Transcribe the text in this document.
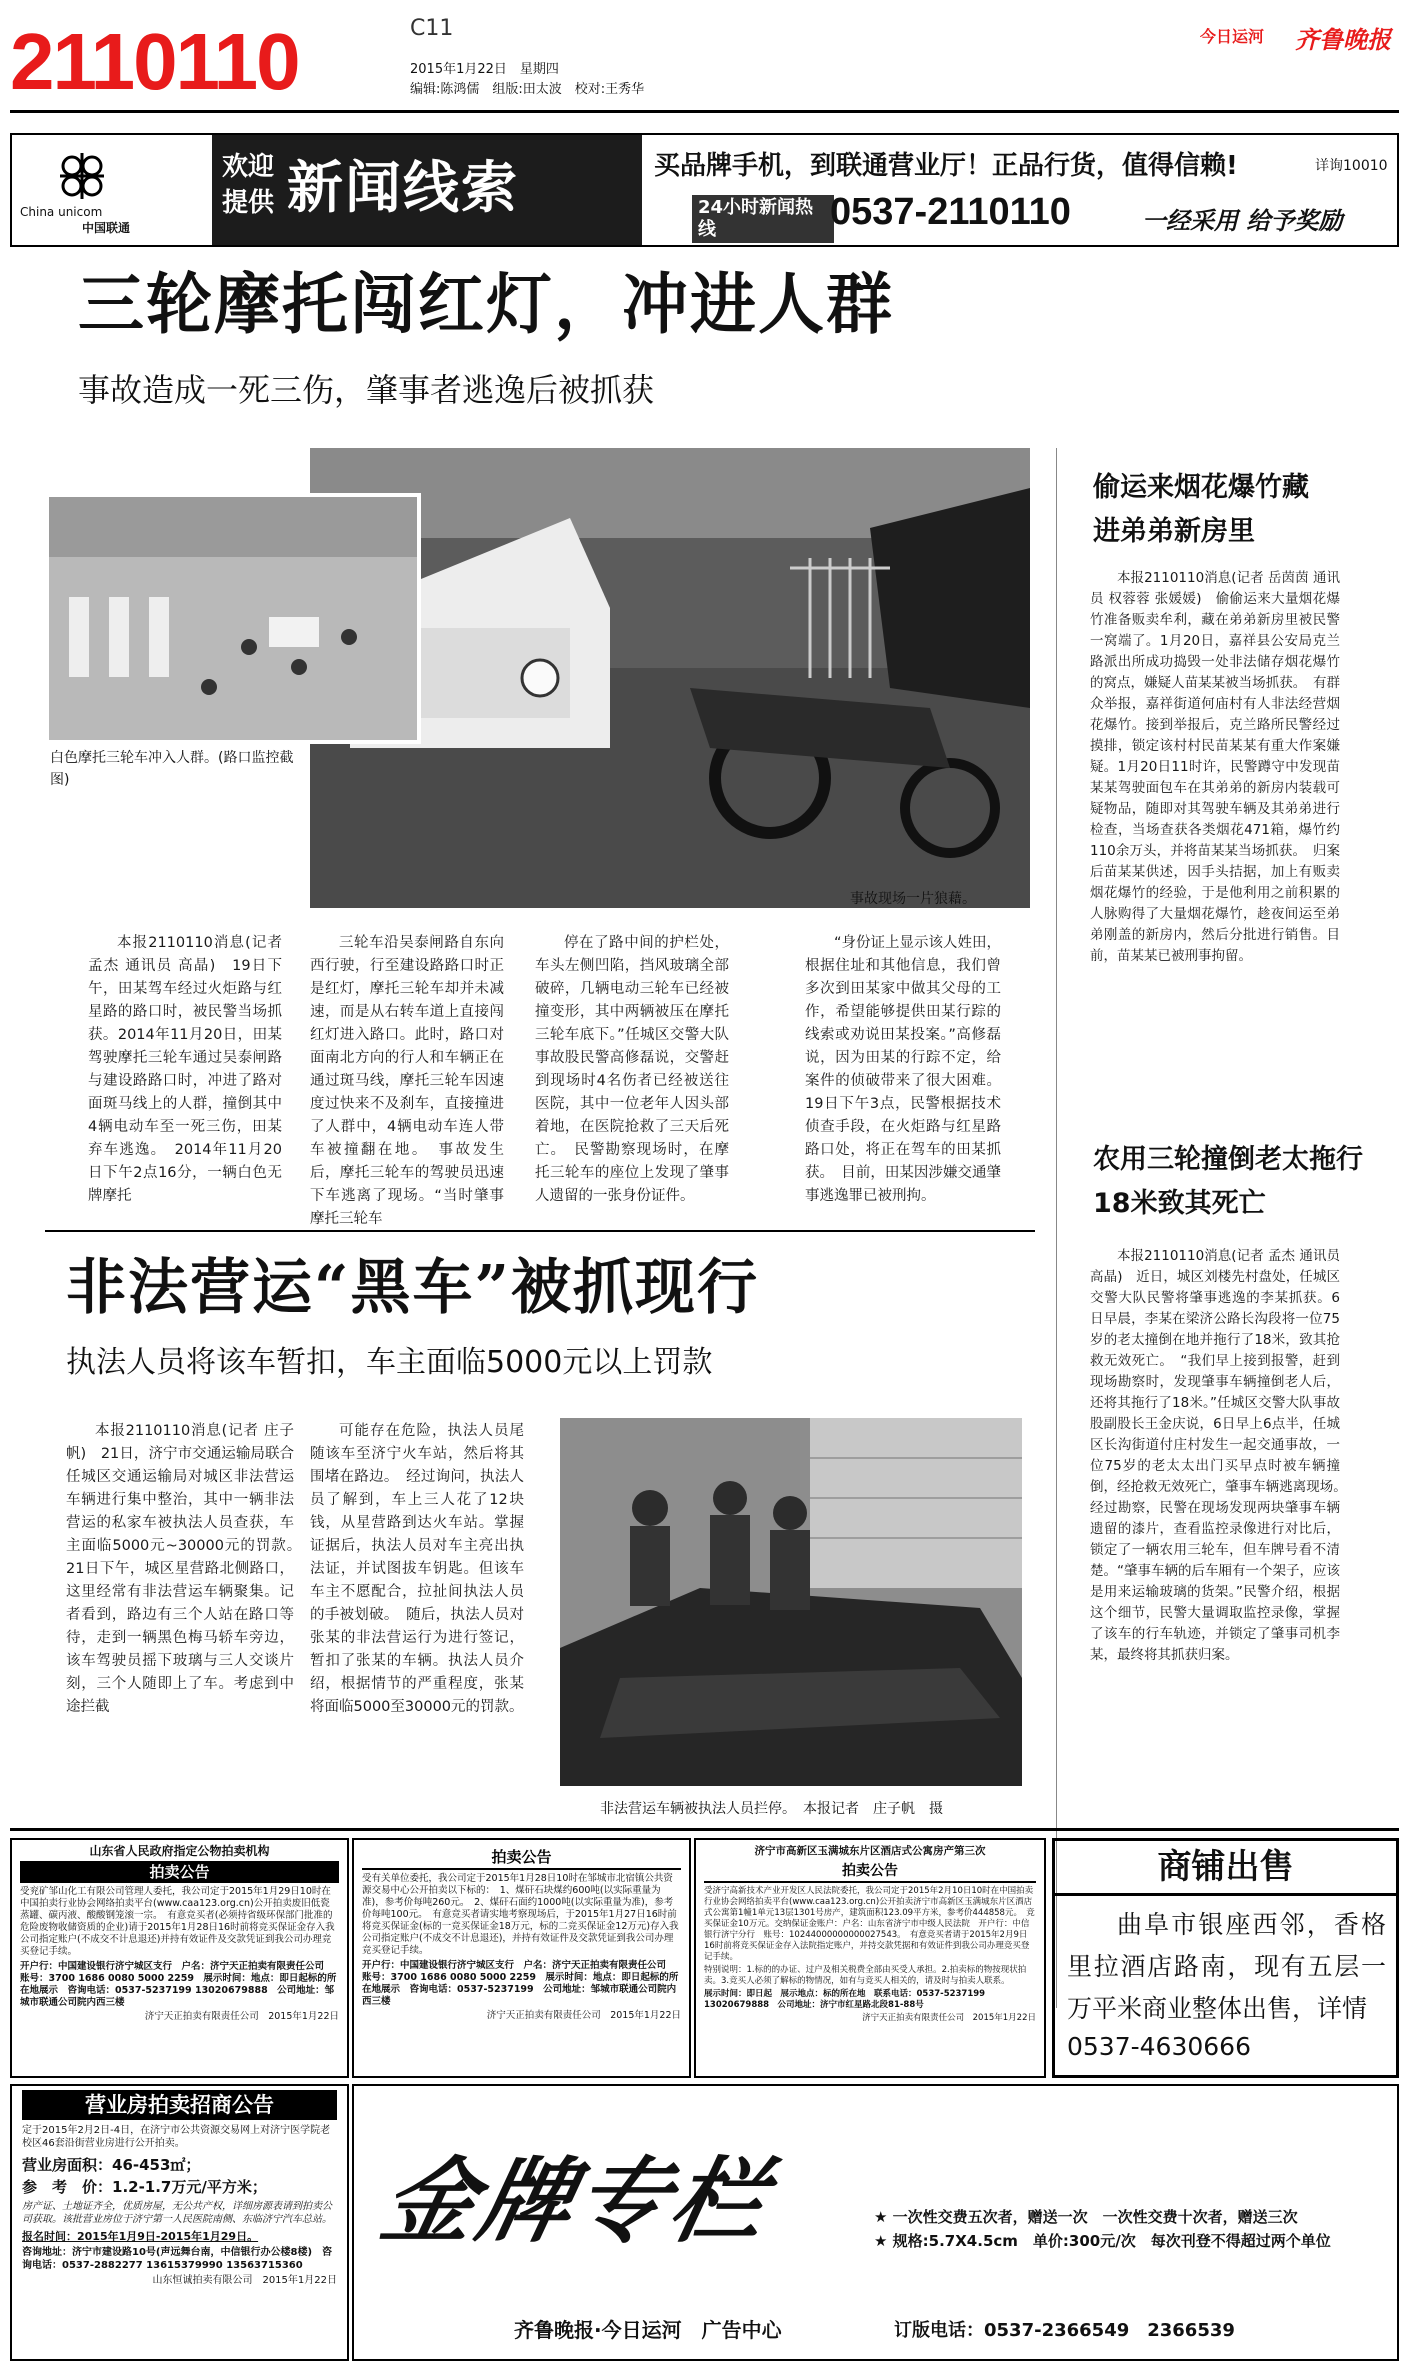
2110110	C11
2015年1月22日　星期四
编辑:陈鸿儒　组版:田太波　校对:王秀华
今日运河 齐鲁晚报
China unicom
中国联通
欢迎提供 新闻线索	买品牌手机，到联通营业厅！正品行货，值得信赖!	详询10010
24小时新闻热线	0537-2110110	一经采用 给予奖励
三轮摩托闯红灯，冲进人群
事故造成一死三伤，肇事者逃逸后被抓获
白色摩托三轮车冲入人群。(路口监控截图)
事故现场一片狼藉。

本报2110110消息(记者 孟杰 通讯员 高晶)　19日下午，田某驾车经过火炬路与红星路的路口时，被民警当场抓获。2014年11月20日，田某驾驶摩托三轮车通过吴泰闸路与建设路路口时，冲进了路对面斑马线上的人群，撞倒其中4辆电动车至一死三伤，田某弃车逃逸。　2014年11月20日下午2点16分，一辆白色无牌摩托

三轮车沿吴泰闸路自东向西行驶，行至建设路路口时正是红灯，摩托三轮车却并未减速，而是从右转车道上直接闯红灯进入路口。此时，路口对面南北方向的行人和车辆正在通过斑马线，摩托三轮车因速度过快来不及刹车，直接撞进了人群中，4辆电动车连人带车被撞翻在地。　事故发生后，摩托三轮车的驾驶员迅速下车逃离了现场。“当时肇事摩托三轮车

停在了路中间的护栏处，车头左侧凹陷，挡风玻璃全部破碎，几辆电动三轮车已经被撞变形，其中两辆被压在摩托三轮车底下。”任城区交警大队事故股民警高修磊说，交警赶到现场时4名伤者已经被送往医院，其中一位老年人因头部着地，在医院抢救了三天后死亡。　民警勘察现场时，在摩托三轮车的座位上发现了肇事人遗留的一张身份证件。

“身份证上显示该人姓田，根据住址和其他信息，我们曾多次到田某家中做其父母的工作，希望能够提供田某行踪的线索或劝说田某投案。”高修磊说，因为田某的行踪不定，给案件的侦破带来了很大困难。19日下午3点，民警根据技术侦查手段，在火炬路与红星路路口处，将正在驾车的田某抓获。　目前，田某因涉嫌交通肇事逃逸罪已被刑拘。

偷运来烟花爆竹藏进弟弟新房里

本报2110110消息(记者 岳茵茵 通讯员 权蓉蓉 张媛媛)　偷偷运来大量烟花爆竹准备贩卖牟利，藏在弟弟新房里被民警一窝端了。1月20日，嘉祥县公安局克兰路派出所成功捣毁一处非法储存烟花爆竹的窝点，嫌疑人苗某某被当场抓获。　有群众举报，嘉祥街道何庙村有人非法经营烟花爆竹。接到举报后，克兰路所民警经过摸排，锁定该村村民苗某某有重大作案嫌疑。1月20日11时许，民警蹲守中发现苗某某驾驶面包车在其弟弟的新房内装载可疑物品，随即对其驾驶车辆及其弟弟进行检查，当场查获各类烟花471箱，爆竹约110余万头，并将苗某某当场抓获。　归案后苗某某供述，因手头拮据，加上有贩卖烟花爆竹的经验，于是他利用之前积累的人脉购得了大量烟花爆竹，趁夜间运至弟弟刚盖的新房内，然后分批进行销售。目前，苗某某已被刑事拘留。

农用三轮撞倒老太拖行18米致其死亡

本报2110110消息(记者 孟杰 通讯员 高晶)　近日，城区刘楼先村盘处，任城区交警大队民警将肇事逃逸的李某抓获。6日早晨，李某在梁济公路长沟段将一位75岁的老太撞倒在地并拖行了18米，致其抢救无效死亡。　“我们早上接到报警，赶到现场勘察时，发现肇事车辆撞倒老人后，还将其拖行了18米。”任城区交警大队事故股副股长王金庆说，6日早上6点半，任城区长沟街道付庄村发生一起交通事故，一位75岁的老太太出门买早点时被车辆撞倒，经抢救无效死亡，肇事车辆逃离现场。　经过勘察，民警在现场发现两块肇事车辆遗留的漆片，查看监控录像进行对比后，锁定了一辆农用三轮车，但车牌号看不清楚。“肇事车辆的后车厢有一个架子，应该是用来运输玻璃的货架。”民警介绍，根据这个细节，民警大量调取监控录像，掌握了该车的行车轨迹，并锁定了肇事司机李某，最终将其抓获归案。

非法营运“黑车”被抓现行
执法人员将该车暂扣，车主面临5000元以上罚款

本报2110110消息(记者 庄子帆)　21日，济宁市交通运输局联合任城区交通运输局对城区非法营运车辆进行集中整治，其中一辆非法营运的私家车被执法人员查获，车主面临5000元~30000元的罚款。　21日下午，城区星营路北侧路口，这里经常有非法营运车辆聚集。记者看到，路边有三个人站在路口等待，走到一辆黑色梅马轿车旁边，该车驾驶员摇下玻璃与三人交谈片刻，三个人随即上了车。考虑到中途拦截

可能存在危险，执法人员尾随该车至济宁火车站，然后将其围堵在路边。　经过询问，执法人员了解到，车上三人花了12块钱，从星营路到达火车站。掌握证据后，执法人员对车主亮出执法证，并试图拔车钥匙。但该车车主不愿配合，拉扯间执法人员的手被划破。　随后，执法人员对张某的非法营运行为进行签记，暂扣了张某的车辆。执法人员介绍，根据情节的严重程度，张某将面临5000至30000元的罚款。

非法营运车辆被执法人员拦停。　本报记者　庄子帆　摄
山东省人民政府指定公物拍卖机构
拍卖公告
受兖矿邹山化工有限公司管理人委托，我公司定于2015年1月29日10时在中国拍卖行业协会网络拍卖平台(www.caa123.org.cn)公开拍卖废旧低瓷蒸罐、碳丙液、酸酸钢笼滚一宗。　有意竞买者(必须持省级环保部门批准的危险废物收储资质的企业)请于2015年1月28日16时前将竞买保证金存入我公司指定账户(不成交不计息退还)并持有效证件及交款凭证到我公司办理竞买登记手续。
开户行：中国建设银行济宁城区支行　户名：济宁天正拍卖有限责任公司　账号：3700 1686 0080 5000 2259　展示时间：地点：即日起标的所在地展示　咨询电话：0537-5237199 13020679888　公司地址：邹城市联通公司院内西三楼
济宁天正拍卖有限责任公司　2015年1月22日
拍卖公告
受有关单位委托，我公司定于2015年1月28日10时在邹城市北宿镇公共资源交易中心公开拍卖以下标的：　1、煤矸石块煤约600吨(以实际重量为准)，参考价每吨260元。　2、煤矸石面约1000吨(以实际重量为准)，参考价每吨100元。　有意竞买者请实地考察现场后，于2015年1月27日16时前将竞买保证金(标的一竞买保证金18万元，标的二竞买保证金12万元)存入我公司指定账户(不成交不计息退还)，并持有效证件及交款凭证到我公司办理竞买登记手续。
开户行：中国建设银行济宁城区支行　户名：济宁天正拍卖有限责任公司　账号：3700 1686 0080 5000 2259　展示时间：地点：即日起标的所在地展示　咨询电话：0537-5237199　公司地址：邹城市联通公司院内西三楼
济宁天正拍卖有限责任公司　2015年1月22日
济宁市高新区玉满城东片区酒店式公寓房产第三次
拍卖公告
受济宁高新技术产业开发区人民法院委托，我公司定于2015年2月10日10时在中国拍卖行业协会网络拍卖平台(www.caa123.org.cn)公开拍卖济宁市高新区玉满城东片区酒店式公寓第1幢1单元13层1301号房产，建筑面积123.09平方米，参考价444858元。　竞买保证金10万元。交纳保证金账户：户名：山东省济宁市中级人民法院　开户行：中信银行济宁分行　账号：10244000000000027543。　有意竞买者请于2015年2月9日16时前将竞买保证金存入法院指定账户，并持交款凭据和有效证件到我公司办理竞买登记手续。
特别说明：1.标的的办证、过户及相关税费全部由买受人承担。2.拍卖标的物按现状拍卖。3.竞买人必须了解标的物情况，如有与竞买人相关的，请及时与拍卖人联系。
展示时间：即日起　展示地点：标的所在地　联系电话：0537-5237199 13020679888　公司地址：济宁市红星路北段81-88号
济宁天正拍卖有限责任公司　2015年1月22日
商铺出售
曲阜市银座西邻，香格里拉酒店路南，现有五层一万平米商业整体出售，详情
0537-4630666
营业房拍卖招商公告
定于2015年2月2日-4日，在济宁市公共资源交易网上对济宁医学院老校区46套沿街营业房进行公开拍卖。
营业房面积：46-453㎡；
参　考　价：1.2-1.7万元/平方米；
房产证、土地证齐全，优质房屋，无公共产权，详细房源表请到拍卖公司获取。该批营业房位于济宁第一人民医院南侧、东临济宁汽车总站。
报名时间：2015年1月9日-2015年1月29日。
咨询地址：济宁市建设路10号(声远舞台南，中信银行办公楼8楼)　咨询电话：0537-2882277 13615379990 13563715360
山东恒诚拍卖有限公司　2015年1月22日
金牌专栏	★ 一次性交费五次者，赠送一次　一次性交费十次者，赠送三次
★ 规格:5.7X4.5cm　单价:300元/次　每次刊登不得超过两个单位
齐鲁晚报·今日运河　广告中心	订版电话：0537-2366549　2366539
